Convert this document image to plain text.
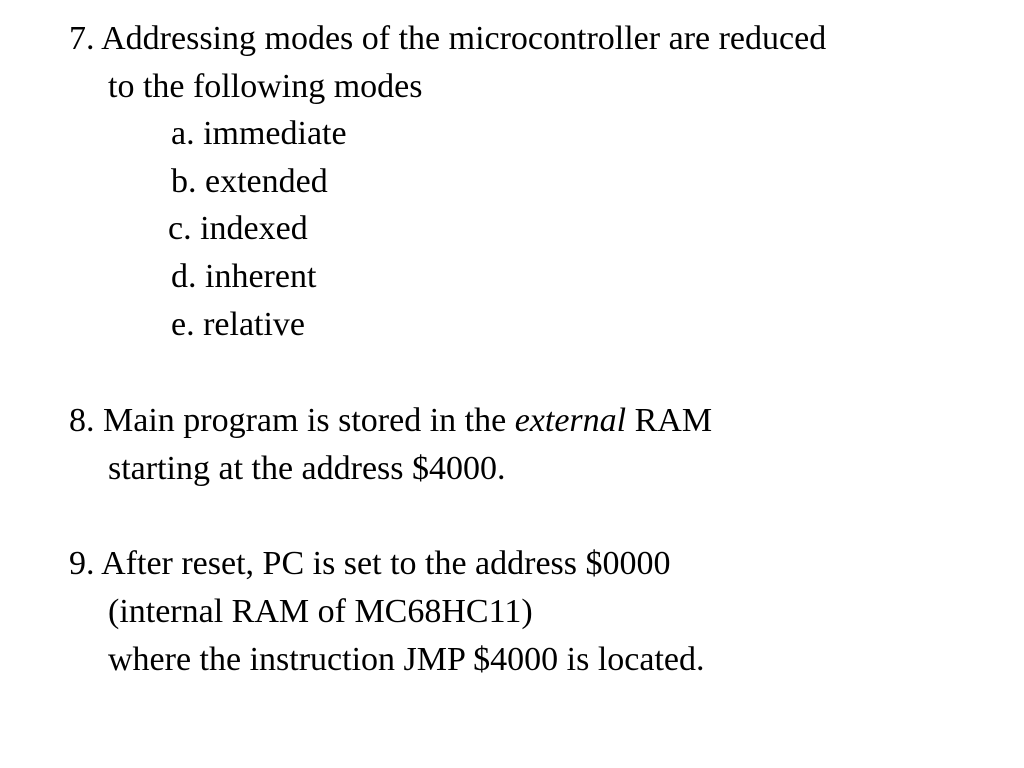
7. Addressing modes of the microcontroller are reduced
to the following modes
a. immediate
b. extended
c. indexed
d. inherent
e. relative
8. Main program is stored in the external RAM
starting at the address $4000.
9. After reset, PC is set to the address $0000
(internal RAM of MC68HC11)
where the instruction JMP $4000 is located.
